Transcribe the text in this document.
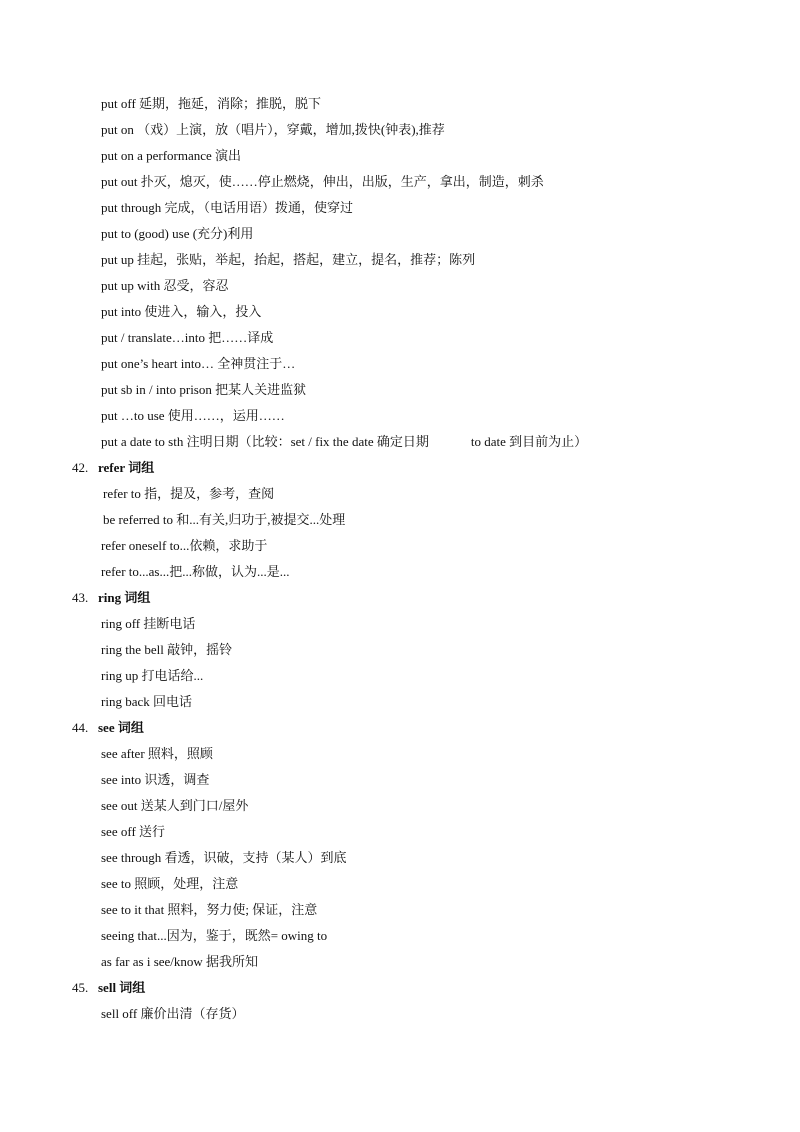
put off 延期，拖延，消除；推脱，脱下
put on （戏）上演，放（唱片），穿戴，增加,拨快(钟表),推荐
put on a performance 演出
put out 扑灭，熄灭，使……停止燃烧，伸出，出版，生产，拿出，制造，刺杀
put through 完成，（电话用语）拨通，使穿过
put to (good) use (充分)利用
put up 挂起，张贴，举起，抬起，搭起，建立，提名，推荐；陈列
put up with 忍受，容忍
put into 使进入，输入，投入
put / translate…into 把……译成
put one’s heart into… 全神贯注于…
put sb in / into prison 把某人关进监狱
put …to use 使用……，运用……
put a date to sth 注明日期（比较：set / fix the date 确定日期	to date 到目前为止）
42. refer 词组
refer to 指，提及，参考，查阅
be referred to 和...有关,归功于,被提交...处理
refer oneself to...依赖，求助于
refer to...as...把...称做，认为...是...
43. ring 词组
ring off 挂断电话
ring the bell 敲钟，摇铃
ring up 打电话给...
ring back 回电话
44. see 词组
see after 照料，照顾
see into 识透，调查
see out 送某人到门口/屋外
see off 送行
see through 看透，识破，支持（某人）到底
see to 照顾，处理，注意
see to it that 照料，努力使; 保证，注意
seeing that...因为，鉴于，既然= owing to
as far as i see/know 据我所知
45. sell 词组
sell off 廉价出清（存货）
